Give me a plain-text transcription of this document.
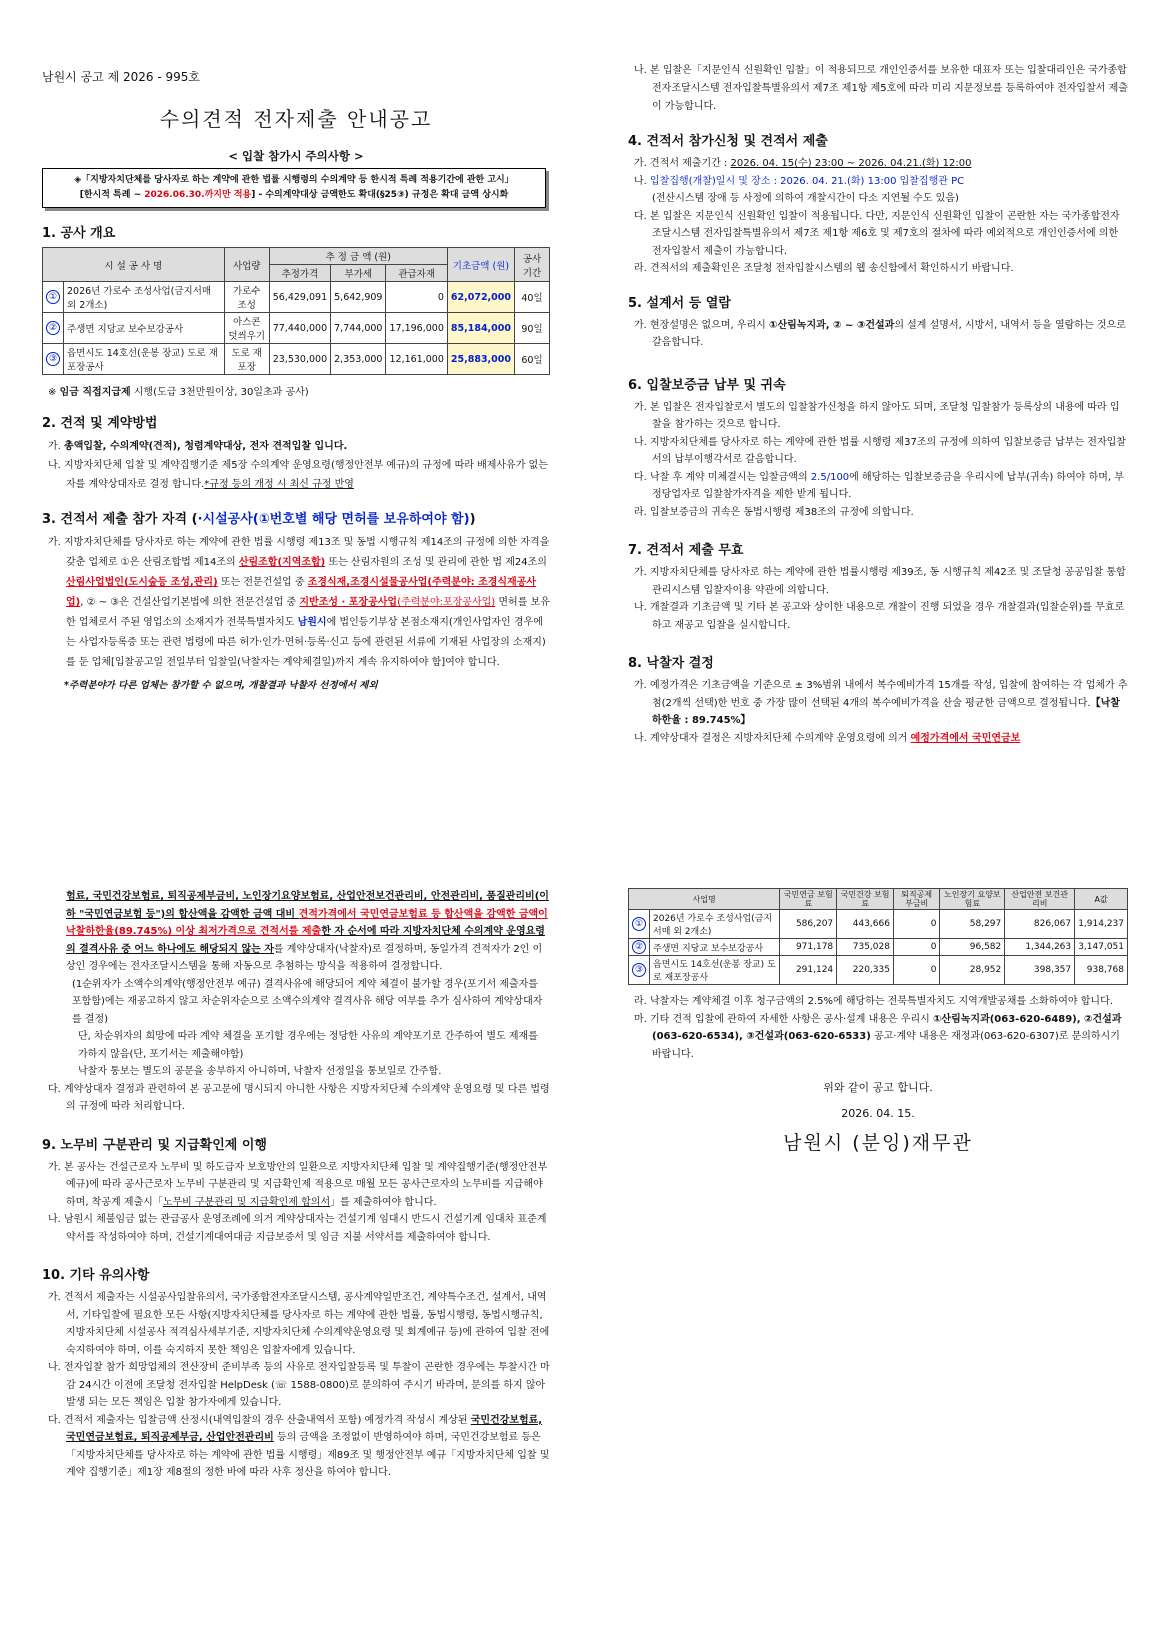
남원시 공고 제 2026 - 995호
수의견적 전자제출 안내공고
< 입찰 참가시 주의사항 >
◈「지방자치단체를 당사자로 하는 계약에 관한 법률 시행령의 수의계약 등 한시적 특례 적용기간에 관한 고시」
[한시적 특례 ~ 2026.06.30.까지만 적용] - 수의계약대상 금액한도 확대(§25③) 규정은 확대 금액 상시화
1. 공사 개요
시 설 공 사 명		사업량	추 정 금 액 (원)			기초금액 (원)	공사 기간
			추정가격	부가세	관급자재		
①	2026년 가로수 조성사업(금지서매 외 2개소)	가로수 조성	56,429,091	5,642,909	0	62,072,000	40일
②	주생면 지당교 보수보강공사	아스콘 덧씌우기	77,440,000	7,744,000	17,196,000	85,184,000	90일
③	읍면시도 14호선(운봉 장교) 도로 재포장공사	도로 재포장	23,530,000	2,353,000	12,161,000	25,883,000	60일
※ 임금 직접지급제 시행(도급 3천만원이상, 30일초과 공사)
2. 견적 및 계약방법

가. 총액입찰, 수의계약(견적), 청렴계약대상, 전자 견적입찰 입니다.

나. 지방자치단체 입찰 및 계약집행기준 제5장 수의계약 운영요령(행정안전부 예규)의 규정에 따라 배제사유가 없는 자를 계약상대자로 결정 합니다.*규정 등의 개정 시 최신 규정 반영

3. 견적서 제출 참가 자격 (·시설공사(①번호별 해당 면허를 보유하여야 함))

가. 지방자치단체를 당사자로 하는 계약에 관한 법률 시행령 제13조 및 동법 시행규칙 제14조의 규정에 의한 자격을 갖춘 업체로 ①은 산림조합법 제14조의 산림조합(지역조합) 또는 산림자원의 조성 및 관리에 관한 법 제24조의 산림사업법인(도시숲등 조성,관리) 또는 전문건설업 중 조경식재,조경시설물공사업(주력분야: 조경식재공사업), ② ~ ③은 건설산업기본법에 의한 전문건설업 중 지반조성 · 포장공사업(주력분야:포장공사업) 면허를 보유한 업체로서 주된 영업소의 소재지가 전북특별자치도 남원시에 법인등기부상 본점소재지(개인사업자인 경우에는 사업자등록증 또는 관련 법령에 따른 허가·인가·면허·등록·신고 등에 관련된 서류에 기재된 사업장의 소재지)를 둔 업체[입찰공고일 전일부터 입찰일(낙찰자는 계약체결일)까지 계속 유지하여야 함]여야 합니다.

*주력분야가 다른 업체는 참가할 수 없으며, 개찰결과 낙찰자 선정에서 제외

나. 본 입찰은「지문인식 신원확인 입찰」이 적용되므로 개인인증서를 보유한 대표자 또는 입찰대리인은 국가종합전자조달시스템 전자입찰특별유의서 제7조 제1항 제5호에 따라 미리 지문정보를 등록하여야 전자입찰서 제출이 가능합니다.

4. 견적서 참가신청 및 견적서 제출

가. 견적서 제출기간 : 2026. 04. 15(수) 23:00 ~ 2026. 04.21.(화) 12:00

나. 입찰집행(개찰)일시 및 장소 : 2026. 04. 21.(화) 13:00 입찰집행관 PC

(전산시스템 장애 등 사정에 의하여 개찰시간이 다소 지연될 수도 있음)

다. 본 입찰은 지문인식 신원확인 입찰이 적용됩니다. 다만, 지문인식 신원확인 입찰이 곤란한 자는 국가종합전자조달시스템 전자입찰특별유의서 제7조 제1항 제6호 및 제7호의 절차에 따라 예외적으로 개인인증서에 의한 전자입찰서 제출이 가능합니다.

라. 견적서의 제출확인은 조달청 전자입찰시스템의 웹 송신함에서 확인하시기 바랍니다.

5. 설계서 등 열람

가. 현장설명은 없으며, 우리시 ①산림녹지과, ② ~ ③건설과의 설계 설명서, 시방서, 내역서 등을 열람하는 것으로 갈음합니다.

6. 입찰보증금 납부 및 귀속

가. 본 입찰은 전자입찰로서 별도의 입찰참가신청을 하지 않아도 되며, 조달청 입찰참가 등록상의 내용에 따라 입찰을 참가하는 것으로 합니다.

나. 지방자치단체를 당사자로 하는 계약에 관한 법률 시행령 제37조의 규정에 의하여 입찰보증금 납부는 전자입찰서의 납부이행각서로 갈음합니다.

다. 낙찰 후 계약 미체결시는 입찰금액의 2.5/100에 해당하는 입찰보증금을 우리시에 납부(귀속) 하여야 하며, 부정당업자로 입찰참가자격을 제한 받게 됩니다.

라. 입찰보증금의 귀속은 동법시행령 제38조의 규정에 의합니다.

7. 견적서 제출 무효

가. 지방자치단체를 당사자로 하는 계약에 관한 법률시행령 제39조, 동 시행규칙 제42조 및 조달청 공공입찰 통합관리시스템 입찰자이용 약관에 의합니다.

나. 개찰결과 기초금액 및 기타 본 공고와 상이한 내용으로 개찰이 진행 되었을 경우 개찰결과(입찰순위)를 무효로 하고 재공고 입찰을 실시합니다.

8. 낙찰자 결정

가. 예정가격은 기초금액을 기준으로 ± 3%범위 내에서 복수예비가격 15개를 작성, 입찰에 참여하는 각 업체가 추첨(2개씩 선택)한 번호 중 가장 많이 선택된 4개의 복수예비가격을 산술 평균한 금액으로 결정됩니다.【낙찰하한율 : 89.745%】

나. 계약상대자 결정은 지방자치단체 수의계약 운영요령에 의거 예정가격에서 국민연금보

험료, 국민건강보험료, 퇴직공제부금비, 노인장기요양보험료, 산업안전보건관리비, 안전관리비, 품질관리비(이하 "국민연금보험 등")의 합산액을 감액한 금액 대비 견적가격에서 국민연금보험료 등 합산액을 감액한 금액이 낙찰하한율(89.745%) 이상 최저가격으로 견적서를 제출한 자 순서에 따라 지방자치단체 수의계약 운영요령의 결격사유 중 어느 하나에도 해당되지 않는 자를 계약상대자(낙찰자)로 결정하며, 동일가격 견적자가 2인 이상인 경우에는 전자조달시스템을 통해 자동으로 추첨하는 방식을 적용하여 결정합니다.

(1순위자가 소액수의계약(행정안전부 예규) 결격사유에 해당되어 계약 체결이 불가할 경우(포기서 제출자를 포함함)에는 재공고하지 않고 차순위자순으로 소액수의계약 결격사유 해당 여부를 추가 심사하여 계약상대자를 결정)

단, 차순위자의 희망에 따라 계약 체결을 포기할 경우에는 정당한 사유의 계약포기로 간주하여 별도 제재를 가하지 않음(단, 포기서는 제출해야함)

낙찰자 통보는 별도의 공문을 송부하지 아니하며, 낙찰자 선정일을 통보일로 간주함.

다. 계약상대자 결정과 관련하여 본 공고문에 명시되지 아니한 사항은 지방자치단체 수의계약 운영요령 및 다른 법령의 규정에 따라 처리합니다.

9. 노무비 구분관리 및 지급확인제 이행

가. 본 공사는 건설근로자 노무비 및 하도급자 보호방안의 일환으로 지방자치단체 입찰 및 계약집행기준(행정안전부 예규)에 따라 공사근로자 노무비 구분관리 및 지급확인제 적용으로 매월 모든 공사근로자의 노무비를 지급해야 하며, 착공계 제출시「노무비 구분관리 및 지급확인제 합의서」를 제출하여야 합니다.

나. 남원시 체불임금 없는 관급공사 운영조례에 의거 계약상대자는 건설기계 임대시 반드시 건설기계 임대차 표준계약서를 작성하여야 하며, 건설기계대여대금 지급보증서 및 임금 지불 서약서를 제출하여야 합니다.

10. 기타 유의사항

가. 견적서 제출자는 시설공사입찰유의서, 국가종합전자조달시스템, 공사계약일반조건, 계약특수조건, 설계서, 내역서, 기타입찰에 필요한 모든 사항(지방자치단체를 당사자로 하는 계약에 관한 법률, 동법시행령, 동법시행규칙, 지방자치단체 시설공사 적격심사세부기준, 지방자치단체 수의계약운영요령 및 회계예규 등)에 관하여 입찰 전에 숙지하여야 하며, 이를 숙지하지 못한 책임은 입찰자에게 있습니다.

나. 전자입찰 참가 희망업체의 전산장비 준비부족 등의 사유로 전자입찰등록 및 투찰이 곤란한 경우에는 투찰시간 마감 24시간 이전에 조달청 전자입찰 HelpDesk (☏ 1588-0800)로 문의하여 주시기 바라며, 문의를 하지 않아 발생 되는 모든 책임은 입찰 참가자에게 있습니다.

다. 견적서 제출자는 입찰금액 산정시(내역입찰의 경우 산출내역서 포함) 예정가격 작성시 계상된 국민건강보험료, 국민연금보험료, 퇴직공제부금, 산업안전관리비 등의 금액을 조정없이 반영하여야 하며, 국민건강보험료 등은「지방자치단체를 당사자로 하는 계약에 관한 법률 시행령」제89조 및 행정안전부 예규「지방자치단체 입찰 및 계약 집행기준」제1장 제8절의 정한 바에 따라 사후 정산을 하여야 합니다.

사업명		국민연금 보험료	국민건강 보험료	퇴직공제 부금비	노인장기 요양보험료	산업안전 보건관리비	A값
①	2026년 가로수 조성사업(금지서매 외 2개소)	586,207	443,666	0	58,297	826,067	1,914,237
②	주생면 지당교 보수보강공사	971,178	735,028	0	96,582	1,344,263	3,147,051
③	읍면시도 14호선(운봉 장교) 도로 재포장공사	291,124	220,335	0	28,952	398,357	938,768

라. 낙찰자는 계약체결 이후 청구금액의 2.5%에 해당하는 전북특별자치도 지역개발공채를 소화하여야 합니다.

마. 기타 견적 입찰에 관하여 자세한 사항은 공사·설계 내용은 우리시 ①산림녹지과(063-620-6489), ②건설과(063-620-6534), ③건설과(063-620-6533) 공고·계약 내용은 재정과(063-620-6307)로 문의하시기 바랍니다.

위와 같이 공고 합니다.
2026. 04. 15.
남원시 (분잉)재무관
